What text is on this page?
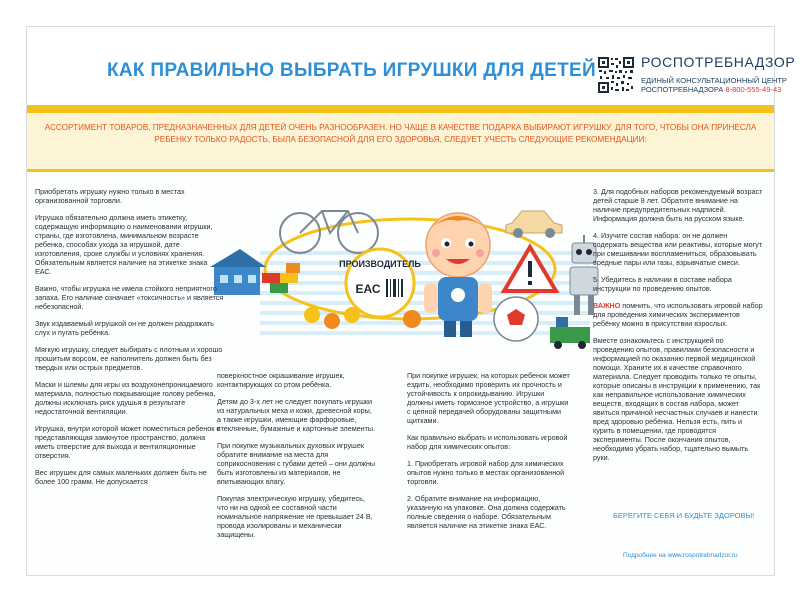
КАК ПРАВИЛЬНО ВЫБРАТЬ ИГРУШКИ ДЛЯ ДЕТЕЙ	РОСПОТРЕБНАДЗОР
ЕДИНЫЙ КОНСУЛЬТАЦИОННЫЙ ЦЕНТР
РОСПОТРЕБНАДЗОРА 8-800-555-49-43
АССОРТИМЕНТ ТОВАРОВ, ПРЕДНАЗНАЧЕННЫХ ДЛЯ ДЕТЕЙ ОЧЕНЬ РАЗНООБРАЗЕН. НО ЧАЩЕ В КАЧЕСТВЕ ПОДАРКА ВЫБИРАЮТ ИГРУШКУ. ДЛЯ ТОГО, ЧТОБЫ ОНА ПРИНЕСЛА РЕБЕНКУ ТОЛЬКО РАДОСТЬ, БЫЛА БЕЗОПАСНОЙ ДЛЯ ЕГО ЗДОРОВЬЯ, СЛЕДУЕТ УЧЕСТЬ СЛЕДУЮЩИЕ РЕКОМЕНДАЦИИ:
ПРОИЗВОДИТЕЛЬ
ЕАС

Приобретать игрушку нужно только в местах организованной торговли.

Игрушка обязательно должна иметь этикетку, содержащую информацию о наименовании игрушки, страны, где изготовлена, минимальном возрасте ребенка, способах ухода за игрушкой, дате изготовления, сроке службы и условиях хранения. Обязательным является наличие на этикетке знака ЕАС.

Важно, чтобы игрушка не имела стойкого неприятного запаха. Его наличие означает «токсичность» и является небезопасной.

Звук издаваемый игрушкой он не должен раздражать слух и пугать ребёнка.

Мягкую игрушку, следует выбирать с плотным и хорошо прошитым ворсом, ее наполнитель должен быть без твердых или острых предметов.

Маски и шлемы для игры из воздухонепроницаемого материала, полностью покрывающие голову ребенка, должны исключать риск удушья в результате недостаточной вентиляции.

Игрушка, внутри которой может поместиться ребенок и представляющая замкнутое пространство, должна иметь отверстие для выхода и вентиляционные отверстия.

Вес игрушек для самых маленьких должен быть не более 100 грамм. Не допускается

поверхностное окрашивание игрушек, контактирующих со ртом ребёнка.

Детям до 3-х лет не следует покупать игрушки из натуральных меха и кожи, древесной коры, а также игрушки, имеющие фарфоровые, стеклянные, бумажные и картонные элементы.

При покупке музыкальных духовых игрушек обратите внимание на места для соприкосновения с губами детей – они должны быть изготовлены из материалов, не впитывающих влагу.

Покупая электрическую игрушку, убедитесь, что ни на одной ее составной части номинальное напряжение не превышает 24 В, провода изолированы и механически защищены.

При покупке игрушек, на которых ребенок может ездить, необходимо проверить их прочность и устойчивость к опрокидыванию. Игрушки должны иметь тормозное устройство, а игрушки с цепной передачей оборудованы защитными щитками.

Как правильно выбрать и использовать игровой набор для химических опытов:

1. Приобретать игровой набор для химических опытов нужно только в местах организованной торговли.

2. Обратите внимание на информацию, указанную на упаковке. Она должна содержать полные сведения о наборе. Обязательным является наличие на этикетке знака ЕАС.

3. Для подобных наборов рекомендуемый возраст детей старше 8 лет. Обратите внимание на наличие предупредительных надписей. Информация должна быть на русском языке.

4. Изучите состав набора: он не должен содержать вещества или реактивы, которые могут при смешивании воспламениться, образовывать вредные пары или газы, взрывчатые смеси.

5. Убедитесь в наличии в составе набора инструкции по проведению опытов.

ВАЖНО помнить, что использовать игровой набор для проведения химических экспериментов ребёнку можно в присутствии взрослых.

Вместе ознакомьтесь с инструкцией по проведению опытов, правилами безопасности и информацией по оказанию первой медицинской помощи. Храните их в качестве справочного материала. Следует проводить только те опыты, которые описаны в инструкции к применению, так как неправильное использование химических веществ, входящих в состав набора, может явиться причиной несчастных случаев и нанести вред здоровью ребёнка. Нельзя есть, пить и курить в помещении, где проводятся эксперименты. После окончания опытов, необходимо убрать набор, тщательно вымыть руки.

БЕРЕГИТЕ СЕБЯ И БУДЬТЕ ЗДОРОВЫ!
Подробнее на www.rospotrebnadzor.ru
